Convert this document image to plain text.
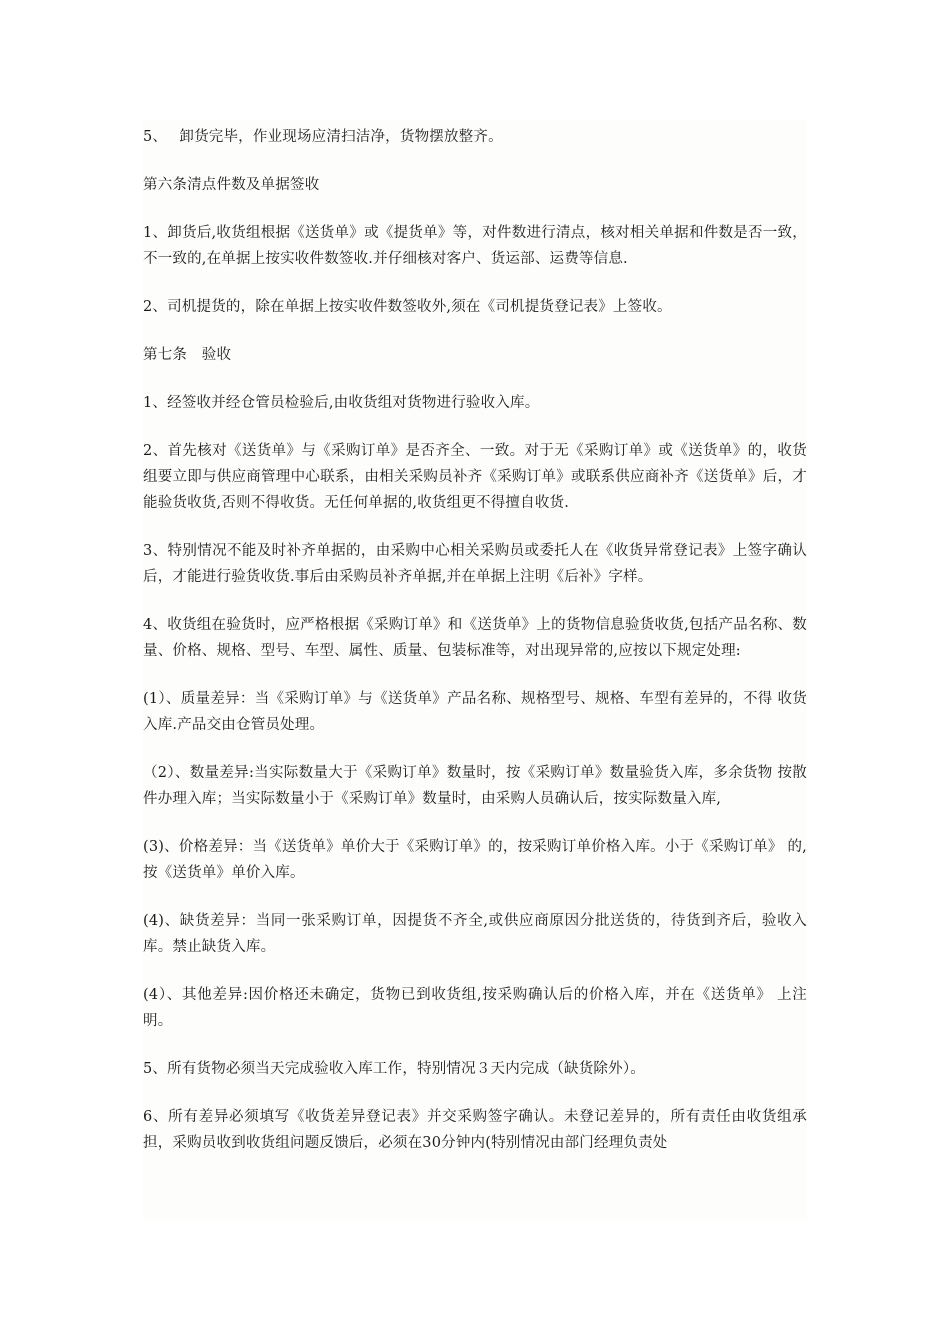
5、　 卸货完毕，作业现场应清扫洁净，货物摆放整齐。

第六条清点件数及单据签收

1、卸货后,收货组根据《送货单》或《提货单》等，对件数进行清点，核对相关单据和件数是否一致，不一致的,在单据上按实收件数签收.并仔细核对客户、货运部、运费等信息.

2、司机提货的，除在单据上按实收件数签收外,须在《司机提货登记表》上签收。

第七条　验收

1、经签收并经仓管员检验后,由收货组对货物进行验收入库。

2、首先核对《送货单》与《采购订单》是否齐全、一致。对于无《采购订单》或《送货单》的，收货组要立即与供应商管理中心联系，由相关采购员补齐《采购订单》或联系供应商补齐《送货单》后，才能验货收货,否则不得收货。无任何单据的,收货组更不得擅自收货.

3、特别情况不能及时补齐单据的，由采购中心相关采购员或委托人在《收货异常登记表》上签字确认后，才能进行验货收货.事后由采购员补齐单据,并在单据上注明《后补》字样。

4、收货组在验货时，应严格根据《采购订单》和《送货单》上的货物信息验货收货,包括产品名称、数量、价格、规格、型号、车型、属性、质量、包装标准等，对出现异常的,应按以下规定处理:

(1）、质量差异：当《采购订单》与《送货单》产品名称、规格型号、规格、车型有差异的，不得 收货入库.产品交由仓管员处理。

（2）、数量差异:当实际数量大于《采购订单》数量时，按《采购订单》数量验货入库，多余货物 按散件办理入库；当实际数量小于《采购订单》数量时，由采购人员确认后，按实际数量入库,

(3)、价格差异：当《送货单》单价大于《采购订单》的，按采购订单价格入库。小于《采购订单》 的,按《送货单》单价入库。

(4)、缺货差异：当同一张采购订单，因提货不齐全,或供应商原因分批送货的，待货到齐后，验收入库。禁止缺货入库。

(4）、其他差异:因价格还未确定，货物已到收货组,按采购确认后的价格入库，并在《送货单》 上注明。

5、所有货物必须当天完成验收入库工作，特别情况３天内完成（缺货除外）。

6、所有差异必须填写《收货差异登记表》并交采购签字确认。未登记差异的，所有责任由收货组承担，采购员收到收货组问题反馈后，必须在30分钟内(特别情况由部门经理负责处
